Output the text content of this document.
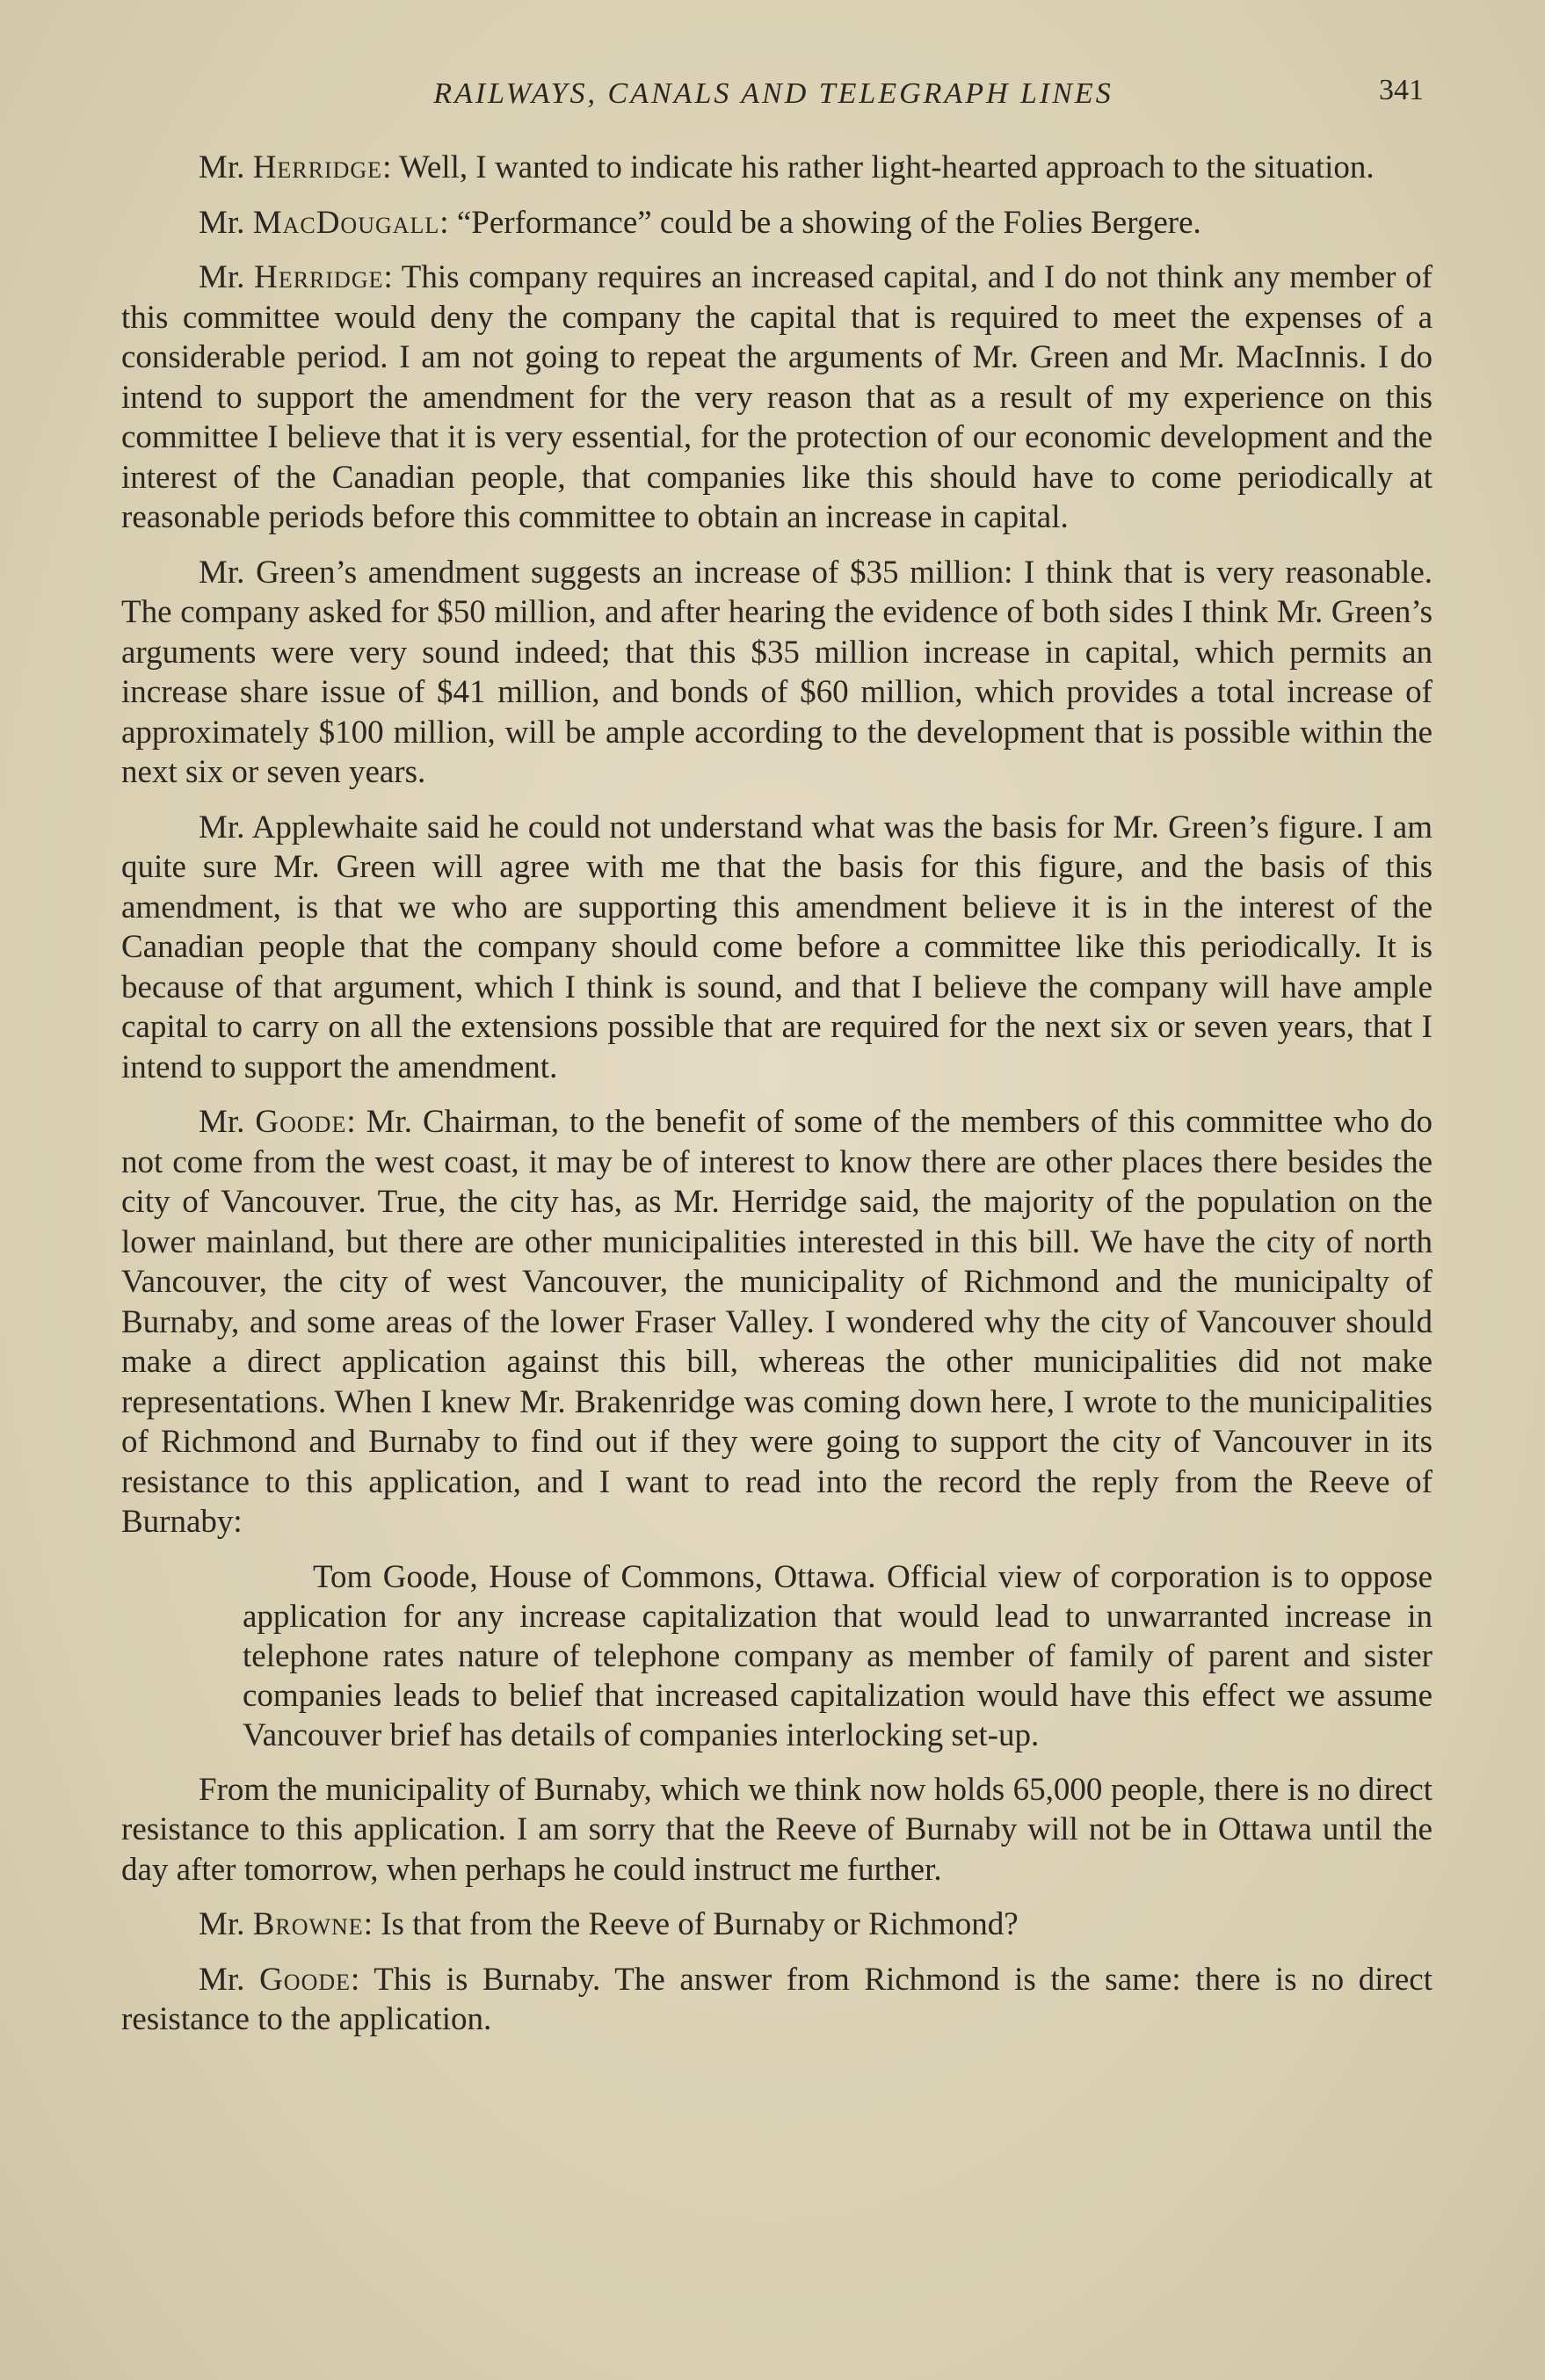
RAILWAYS, CANALS AND TELEGRAPH LINES	341

Mr. Herridge: Well, I wanted to indicate his rather light-hearted approach to the situation.

Mr. MacDougall: “Performance” could be a showing of the Folies Bergere.

Mr. Herridge: This company requires an increased capital, and I do not think any member of this committee would deny the company the capital that is required to meet the expenses of a considerable period. I am not going to repeat the arguments of Mr. Green and Mr. MacInnis. I do intend to support the amendment for the very reason that as a result of my experience on this committee I believe that it is very essential, for the protection of our economic development and the interest of the Canadian people, that companies like this should have to come periodically at reasonable periods before this committee to obtain an increase in capital.

Mr. Green’s amendment suggests an increase of $35 million: I think that is very reasonable. The company asked for $50 million, and after hearing the evidence of both sides I think Mr. Green’s arguments were very sound indeed; that this $35 million increase in capital, which permits an increase share issue of $41 million, and bonds of $60 million, which provides a total increase of approximately $100 million, will be ample according to the development that is possible within the next six or seven years.

Mr. Applewhaite said he could not understand what was the basis for Mr. Green’s figure. I am quite sure Mr. Green will agree with me that the basis for this figure, and the basis of this amendment, is that we who are supporting this amendment believe it is in the interest of the Canadian people that the company should come before a committee like this periodically. It is because of that argument, which I think is sound, and that I believe the company will have ample capital to carry on all the extensions possible that are required for the next six or seven years, that I intend to support the amendment.

Mr. Goode: Mr. Chairman, to the benefit of some of the members of this committee who do not come from the west coast, it may be of interest to know there are other places there besides the city of Vancouver. True, the city has, as Mr. Herridge said, the majority of the population on the lower mainland, but there are other municipalities interested in this bill. We have the city of north Vancouver, the city of west Vancouver, the municipality of Richmond and the municipalty of Burnaby, and some areas of the lower Fraser Valley. I wondered why the city of Vancouver should make a direct application against this bill, whereas the other municipalities did not make representations. When I knew Mr. Brakenridge was coming down here, I wrote to the municipalities of Richmond and Burnaby to find out if they were going to support the city of Vancouver in its resistance to this application, and I want to read into the record the reply from the Reeve of Burnaby:

Tom Goode, House of Commons, Ottawa. Official view of corporation is to oppose application for any increase capitalization that would lead to unwarranted increase in telephone rates nature of telephone company as member of family of parent and sister companies leads to belief that increased capitalization would have this effect we assume Vancouver brief has details of companies interlocking set-up.

From the municipality of Burnaby, which we think now holds 65,000 people, there is no direct resistance to this application. I am sorry that the Reeve of Burnaby will not be in Ottawa until the day after tomorrow, when perhaps he could instruct me further.

Mr. Browne: Is that from the Reeve of Burnaby or Richmond?

Mr. Goode: This is Burnaby. The answer from Richmond is the same: there is no direct resistance to the application.
